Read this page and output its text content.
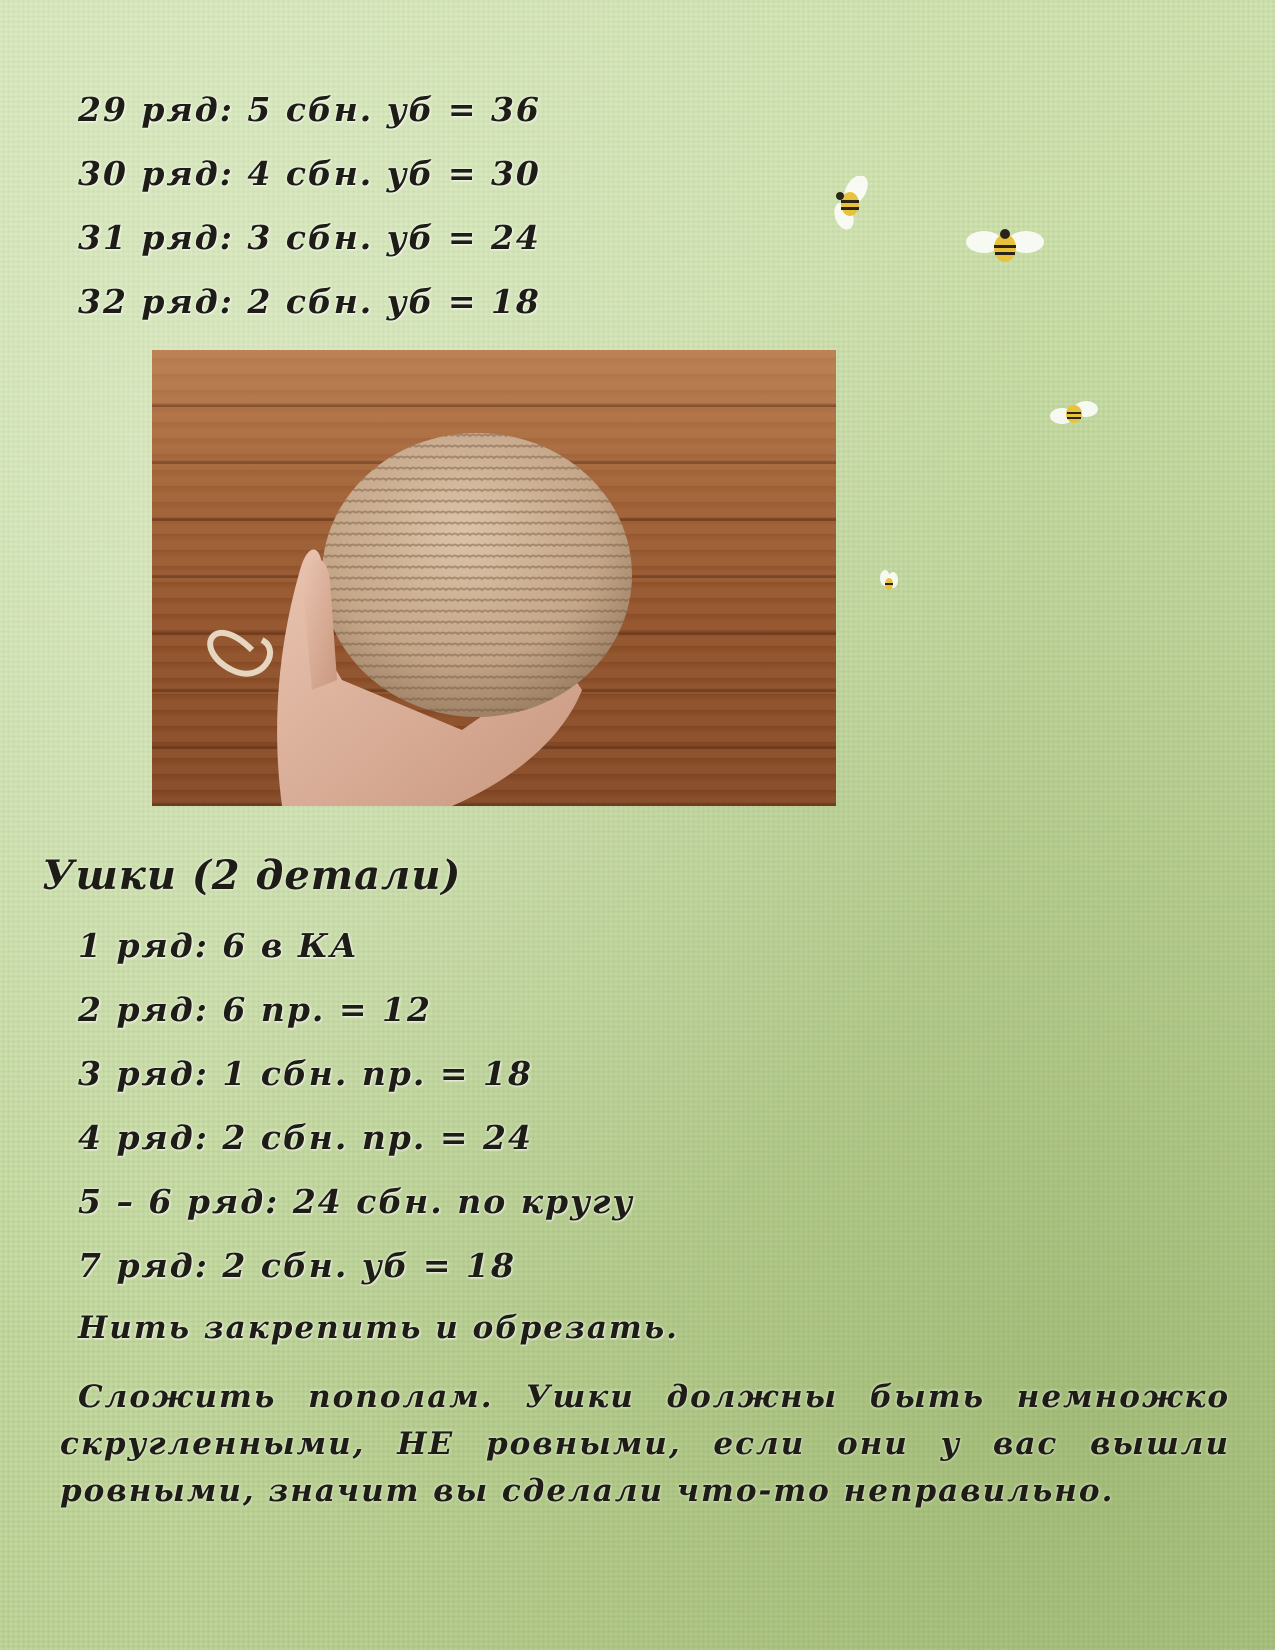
29 ряд: 5 сбн. уб = 36
30 ряд: 4 сбн. уб = 30
31 ряд: 3 сбн. уб = 24
32 ряд: 2 сбн. уб = 18
Ушки (2 детали)
1 ряд: 6 в КА
2 ряд: 6 пр. = 12
3 ряд: 1 сбн. пр. = 18
4 ряд: 2 сбн. пр. = 24
5 – 6 ряд: 24 сбн. по кругу
7 ряд: 2 сбн. уб = 18
Нить закрепить и обрезать.

Сложить пополам. Ушки должны быть немножко скругленными, НЕ ровными, если они у вас вышли ровными, значит вы сделали что-то неправильно.
